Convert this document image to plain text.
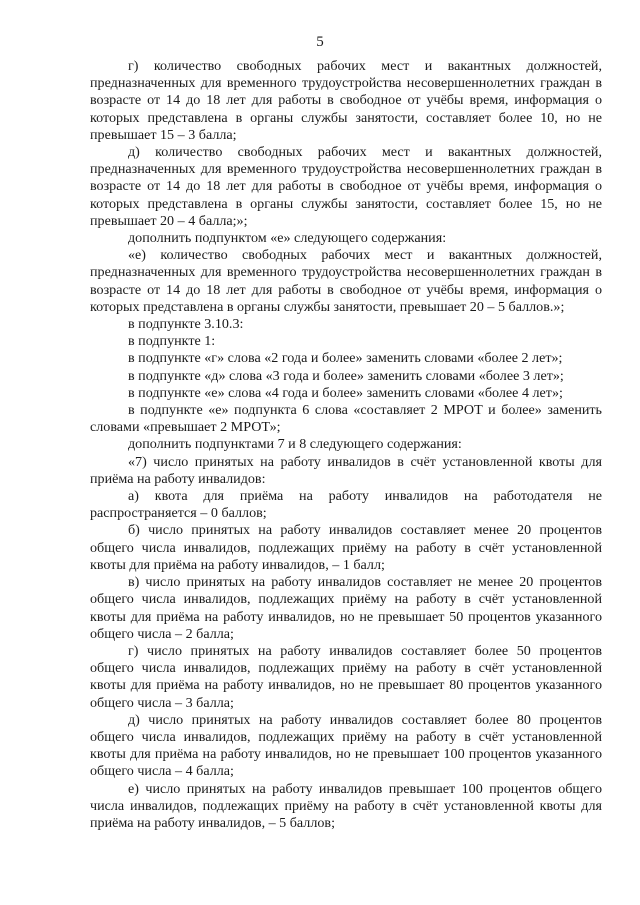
5

г) количество свободных рабочих мест и вакантных должностей, предназначенных для временного трудоустройства несовершеннолетних граждан в возрасте от 14 до 18 лет для работы в свободное от учёбы время, информация о которых представлена в органы службы занятости, составляет более 10, но не превышает 15 – 3 балла;

д) количество свободных рабочих мест и вакантных должностей, предназначенных для временного трудоустройства несовершеннолетних граждан в возрасте от 14 до 18 лет для работы в свободное от учёбы время, информация о которых представлена в органы службы занятости, составляет более 15, но не превышает 20 – 4 балла;»;

дополнить подпунктом «е» следующего содержания:

«е) количество свободных рабочих мест и вакантных должностей, предназначенных для временного трудоустройства несовершеннолетних граждан в возрасте от 14 до 18 лет для работы в свободное от учёбы время, информация о которых представлена в органы службы занятости, превышает 20 – 5 баллов.»;

в подпункте 3.10.3:

в подпункте 1:

в подпункте «г» слова «2 года и более» заменить словами «более 2 лет»;

в подпункте «д» слова «3 года и более» заменить словами «более 3 лет»;

в подпункте «е» слова «4 года и более» заменить словами «более 4 лет»;

в подпункте «е» подпункта 6 слова «составляет 2 МРОТ и более» заменить словами «превышает 2 МРОТ»;

дополнить подпунктами 7 и 8 следующего содержания:

«7) число принятых на работу инвалидов в счёт установленной квоты для приёма на работу инвалидов:

а) квота для приёма на работу инвалидов на работодателя не распространяется – 0 баллов;

б) число принятых на работу инвалидов составляет менее 20 процентов общего числа инвалидов, подлежащих приёму на работу в счёт установленной квоты для приёма на работу инвалидов, – 1 балл;

в) число принятых на работу инвалидов составляет не менее 20 процентов общего числа инвалидов, подлежащих приёму на работу в счёт установленной квоты для приёма на работу инвалидов, но не превышает 50 процентов указанного общего числа – 2 балла;

г) число принятых на работу инвалидов составляет более 50 процентов общего числа инвалидов, подлежащих приёму на работу в счёт установленной квоты для приёма на работу инвалидов, но не превышает 80 процентов указанного общего числа – 3 балла;

д) число принятых на работу инвалидов составляет более 80 процентов общего числа инвалидов, подлежащих приёму на работу в счёт установленной квоты для приёма на работу инвалидов, но не превышает 100 процентов указанного общего числа – 4 балла;

е) число принятых на работу инвалидов превышает 100 процентов общего числа инвалидов, подлежащих приёму на работу в счёт установленной квоты для приёма на работу инвалидов, – 5 баллов;
